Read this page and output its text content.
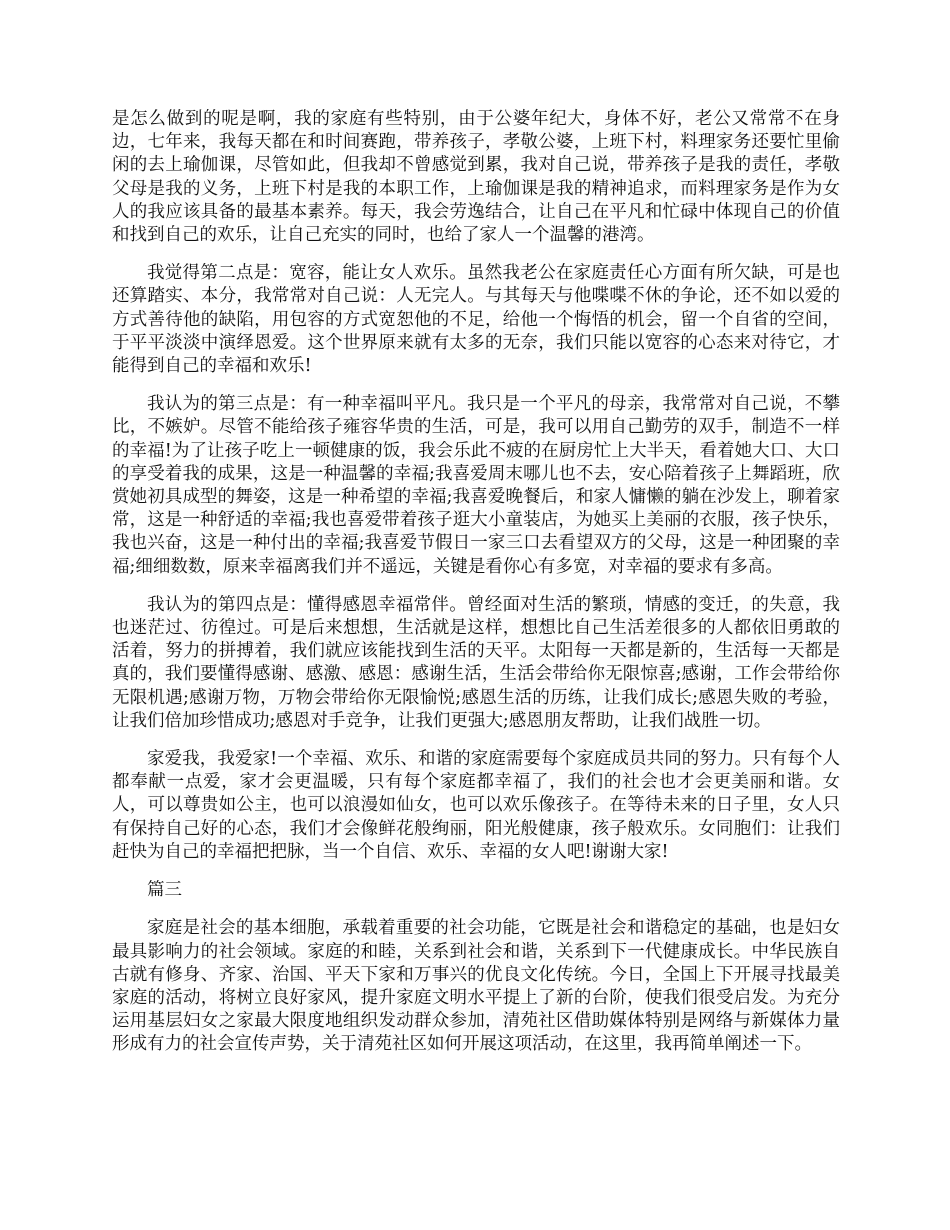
是怎么做到的呢是啊，我的家庭有些特别，由于公婆年纪大，身体不好，老公又常常不在身边，七年来，我每天都在和时间赛跑，带养孩子，孝敬公婆，上班下村，料理家务还要忙里偷闲的去上瑜伽课，尽管如此，但我却不曾感觉到累，我对自己说，带养孩子是我的责任，孝敬父母是我的义务，上班下村是我的本职工作，上瑜伽课是我的精神追求，而料理家务是作为女人的我应该具备的最基本素养。每天，我会劳逸结合，让自己在平凡和忙碌中体现自己的价值和找到自己的欢乐，让自己充实的同时，也给了家人一个温馨的港湾。

我觉得第二点是：宽容，能让女人欢乐。虽然我老公在家庭责任心方面有所欠缺，可是也还算踏实、本分，我常常对自己说：人无完人。与其每天与他喋喋不休的争论，还不如以爱的方式善待他的缺陷，用包容的方式宽恕他的不足，给他一个悔悟的机会，留一个自省的空间，于平平淡淡中演绎恩爱。这个世界原来就有太多的无奈，我们只能以宽容的心态来对待它，才能得到自己的幸福和欢乐!

我认为的第三点是：有一种幸福叫平凡。我只是一个平凡的母亲，我常常对自己说，不攀比，不嫉妒。尽管不能给孩子雍容华贵的生活，可是，我可以用自己勤劳的双手，制造不一样的幸福!为了让孩子吃上一顿健康的饭，我会乐此不疲的在厨房忙上大半天，看着她大口、大口的享受着我的成果，这是一种温馨的幸福;我喜爱周末哪儿也不去，安心陪着孩子上舞蹈班，欣赏她初具成型的舞姿，这是一种希望的幸福;我喜爱晚餐后，和家人慵懒的躺在沙发上，聊着家常，这是一种舒适的幸福;我也喜爱带着孩子逛大小童装店，为她买上美丽的衣服，孩子快乐，我也兴奋，这是一种付出的幸福;我喜爱节假日一家三口去看望双方的父母，这是一种团聚的幸福;细细数数，原来幸福离我们并不遥远，关键是看你心有多宽，对幸福的要求有多高。

我认为的第四点是：懂得感恩幸福常伴。曾经面对生活的繁琐，情感的变迁，的失意，我也迷茫过、彷徨过。可是后来想想，生活就是这样，想想比自己生活差很多的人都依旧勇敢的活着，努力的拼搏着，我们就应该能找到生活的天平。太阳每一天都是新的，生活每一天都是真的，我们要懂得感谢、感激、感恩：感谢生活，生活会带给你无限惊喜;感谢，工作会带给你无限机遇;感谢万物，万物会带给你无限愉悦;感恩生活的历练，让我们成长;感恩失败的考验，让我们倍加珍惜成功;感恩对手竞争，让我们更强大;感恩朋友帮助，让我们战胜一切。

家爱我，我爱家!一个幸福、欢乐、和谐的家庭需要每个家庭成员共同的努力。只有每个人都奉献一点爱，家才会更温暖，只有每个家庭都幸福了，我们的社会也才会更美丽和谐。女人，可以尊贵如公主，也可以浪漫如仙女，也可以欢乐像孩子。在等待未来的日子里，女人只有保持自己好的心态，我们才会像鲜花般绚丽，阳光般健康，孩子般欢乐。女同胞们：让我们赶快为自己的幸福把把脉，当一个自信、欢乐、幸福的女人吧!谢谢大家!

篇三

家庭是社会的基本细胞，承载着重要的社会功能，它既是社会和谐稳定的基础，也是妇女最具影响力的社会领域。家庭的和睦，关系到社会和谐，关系到下一代健康成长。中华民族自古就有修身、齐家、治国、平天下家和万事兴的优良文化传统。今日，全国上下开展寻找最美家庭的活动，将树立良好家风，提升家庭文明水平提上了新的台阶，使我们很受启发。为充分运用基层妇女之家最大限度地组织发动群众参加，清苑社区借助媒体特别是网络与新媒体力量形成有力的社会宣传声势，关于清苑社区如何开展这项活动，在这里，我再简单阐述一下。
